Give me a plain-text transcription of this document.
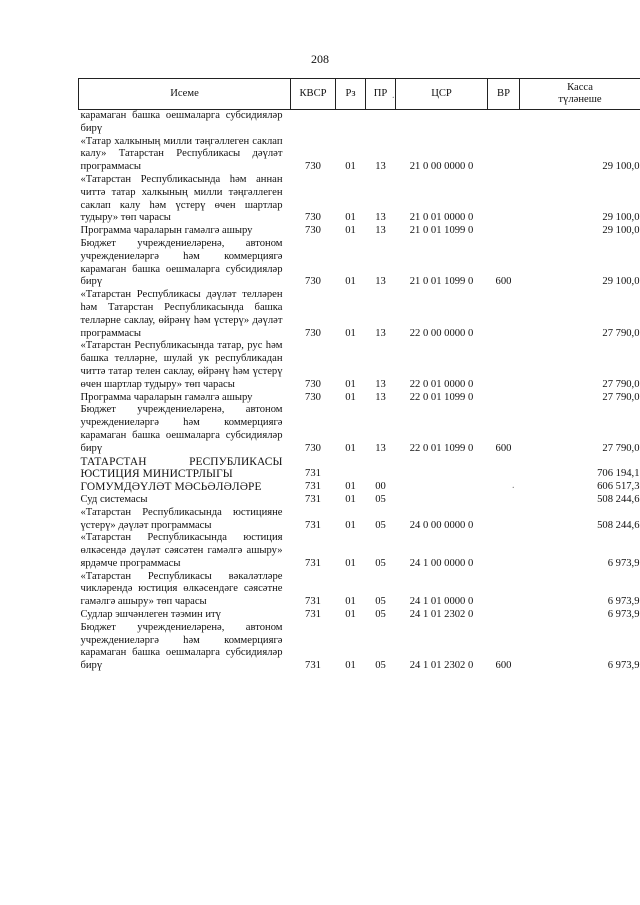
208
Исеме	КВСР	Рз	ПР	ЦСР	ВР	Касса
түләнеше
карамаган башка оешмаларга субсидияләр бирү						
«Татар халкының милли тәңгәллеген саклап калу» Татарстан Республикасы дәүләт программасы	730	01	13	21 0 00 0000 0		29 100,0
«Татарстан Республикасында һәм аннан читтә татар халкының милли тәңгәллеген саклап калу һәм үстерү өчен шартлар тудыру» төп чарасы	730	01	13	21 0 01 0000 0		29 100,0
Программа чараларын гамәлгә ашыру	730	01	13	21 0 01 1099 0		29 100,0
Бюджет учреждениеләренә, автоном учреждениеләргә һәм коммерциягә карамаган башка оешмаларга субсидияләр бирү	730	01	13	21 0 01 1099 0	600	29 100,0
«Татарстан Республикасы дәүләт телләрен һәм Татарстан Республикасында башка телләрне саклау, өйрәнү һәм үстерү» дәүләт программасы	730	01	13	22 0 00 0000 0		27 790,0
«Татарстан Республикасында татар, рус һәм башка телләрне, шулай ук республикадан читтә татар телен саклау, өйрәнү һәм үстерү өчен шартлар тудыру» төп чарасы	730	01	13	22 0 01 0000 0		27 790,0
Программа чараларын гамәлгә ашыру	730	01	13	22 0 01 1099 0		27 790,0
Бюджет учреждениеләренә, автоном учреждениеләргә һәм коммерциягә карамаган башка оешмаларга субсидияләр бирү	730	01	13	22 0 01 1099 0	600	27 790,0
ТАТАРСТАН РЕСПУБЛИКАСЫ ЮСТИЦИЯ МИНИСТРЛЫГЫ	731					706 194,1
ГОМУМДӘҮЛӘТ МӘСЬӘЛӘЛӘРЕ	731	01	00			606 517,3
Суд системасы	731	01	05			508 244,6
«Татарстан Республикасында юстицияне үстерү» дәүләт программасы	731	01	05	24 0 00 0000 0		508 244,6
«Татарстан Республикасында юстиция өлкәсендә дәүләт сәясәтен гамәлгә ашыру» ярдәмче программасы	731	01	05	24 1 00 0000 0		6 973,9
«Татарстан Республикасы вәкаләтләре чикләрендә юстиция өлкәсендәге сәясәтне гамәлгә ашыру» төп чарасы	731	01	05	24 1 01 0000 0		6 973,9
Судлар эшчәнлеген тәэмин итү	731	01	05	24 1 01 2302 0		6 973,9
Бюджет учреждениеләренә, автоном учреждениеләргә һәм коммерциягә карамаган башка оешмаларга субсидияләр бирү	731	01	05	24 1 01 2302 0	600	6 973,9
.
.
